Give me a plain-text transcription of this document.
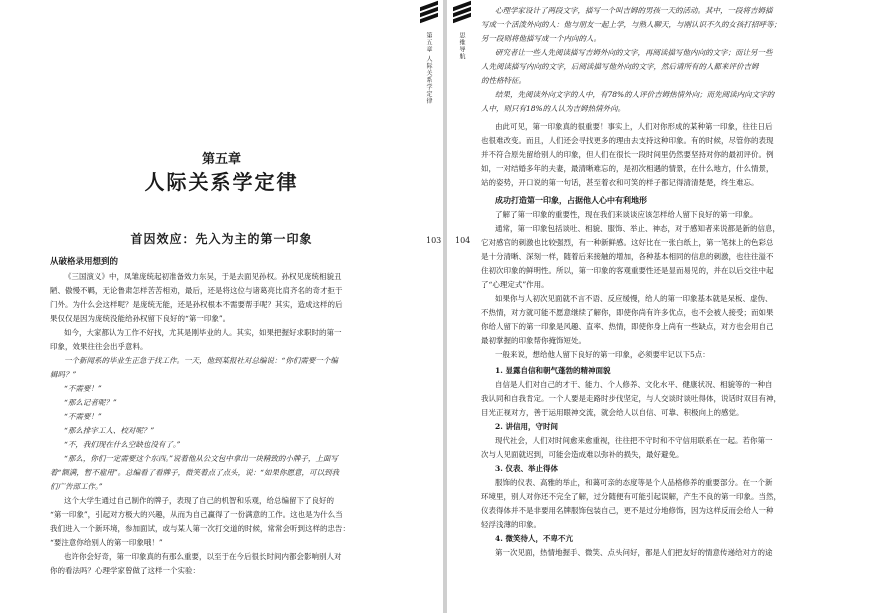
第五章 人际关系学定律
103
第五章
人际关系学定律
首因效应：先入为主的第一印象
从破格录用想到的
《三国演义》中，凤雏庞统起初准备效力东吴，于是去面见孙权。孙权见庞统相貌丑
陋、傲慢不羁，无论鲁肃怎样苦苦相劝，最后，还是将这位与诸葛亮比肩齐名的奇才拒于
门外。为什么会这样呢？是庞统无能，还是孙权根本不需要帮手呢？其实，造成这样的后
果仅仅是因为庞统没能给孙权留下良好的“第一印象”。
如今，大家都认为工作不好找，尤其是刚毕业的人。其实，如果把握好求职时的第一
印象，效果往往会出乎意料。
一个新闻系的毕业生正急于找工作。一天，他到某报社对总编说：“你们需要一个编
辑吗？”
“不需要！”
“那么记者呢？”
“不需要！”
“那么排字工人、校对呢？”
“不，我们现在什么空缺也没有了。”
“那么，你们一定需要这个东西。”说着他从公文包中拿出一块精致的小牌子，上面写
着“额满，暂不雇用”。总编看了看牌子，微笑着点了点头，说：“如果你愿意，可以到我
们广告部工作。”
这个大学生通过自己制作的牌子，表现了自己的机智和乐观，给总编留下了良好的
“第一印象”，引起对方极大的兴趣，从而为自己赢得了一份满意的工作。这也是为什么当
我们进入一个新环境，参加面试，或与某人第一次打交道的时候，常常会听到这样的忠告：
“要注意你给别人的第一印象哦！”
也许你会好奇，第一印象真的有那么重要，以至于在今后很长时间内都会影响别人对
你的看法吗？心理学家曾做了这样一个实验：
思维导航
104
心理学家设计了两段文字，描写一个叫吉姆的男孩一天的活动。其中，一段将吉姆描
写成一个活泼外向的人：他与朋友一起上学，与熟人聊天，与刚认识不久的女孩打招呼等；
另一段则将他描写成一个内向的人。
研究者让一些人先阅读描写吉姆外向的文字，再阅读描写他内向的文字；而让另一些
人先阅读描写内向的文字，后阅读描写他外向的文字，然后请所有的人都来评价吉姆
的性格特征。
结果，先阅读外向文字的人中，有78%的人评价吉姆热情外向；而先阅读内向文字的
人中，则只有18%的人认为吉姆热情外向。
由此可见，第一印象真的很重要！事实上，人们对你形成的某种第一印象，往往日后
也很难改变。而且，人们还会寻找更多的理由去支持这种印象。有的时候，尽管你的表现
并不符合原先留给别人的印象，但人们在很长一段时间里仍然要坚持对你的最初评价。例
如，一对结婚多年的夫妻，最清晰难忘的，是初次相遇的情景，在什么地方，什么情景，
站的姿势，开口说的第一句话，甚至着衣和可笑的样子都记得清清楚楚，终生难忘。
成功打造第一印象，占据他人心中有利地形
了解了第一印象的重要性，现在我们来谈谈应该怎样给人留下良好的第一印象。
通常，第一印象包括谈吐、相貌、服饰、举止、神态，对于感知者来说都是新的信息，
它对感官的刺激也比较强烈，有一种新鲜感。这好比在一张白纸上，第一笔抹上的色彩总
是十分清晰、深刻一样，随着后来接触的增加，各种基本相同的信息的刺激，也往往溢不
住初次印象的鲜明性。所以，第一印象的客观重要性还是显而易见的，并在以后交往中起
了“心理定式”作用。
如果你与人初次见面就不言不语、反应缓慢，给人的第一印象基本就是呆板、虚伪、
不热情，对方就可能不愿意继续了解你，即使你尚有许多优点，也不会被人接受；而如果
你给人留下的第一印象是风趣、直率、热情，即使你身上尚有一些缺点，对方也会用自己
最初掌握的印象帮你掩饰短处。
一般来说，想给他人留下良好的第一印象，必须要牢记以下5点：
1. 显露自信和朝气蓬勃的精神面貌
自信是人们对自己的才干、能力、个人修养、文化水平、健康状况、相貌等的一种自
我认同和自我肯定。一个人要是走路时步伐坚定，与人交谈时谈吐得体，说话时双目有神，
目光正视对方，善于运用眼神交流，就会给人以自信、可靠、积极向上的感觉。
2. 讲信用，守时间
现代社会，人们对时间愈来愈重视，往往把不守时和不守信用联系在一起。若你第一
次与人见面就迟到，可能会造成难以弥补的损失，最好避免。
3. 仪表、举止得体
服饰的仪表、高雅的举止，和蔼可亲的态度等是个人品格修养的重要部分。在一个新
环境里，别人对你还不完全了解，过分随便有可能引起误解，产生不良的第一印象。当然，
仪表得体并不是非要用名牌服饰包装自己，更不是过分地修饰，因为这样反而会给人一种
轻浮浅薄的印象。
4. 微笑待人，不卑不亢
第一次见面，热情地握手、微笑、点头问好，都是人们把友好的情意传递给对方的途
